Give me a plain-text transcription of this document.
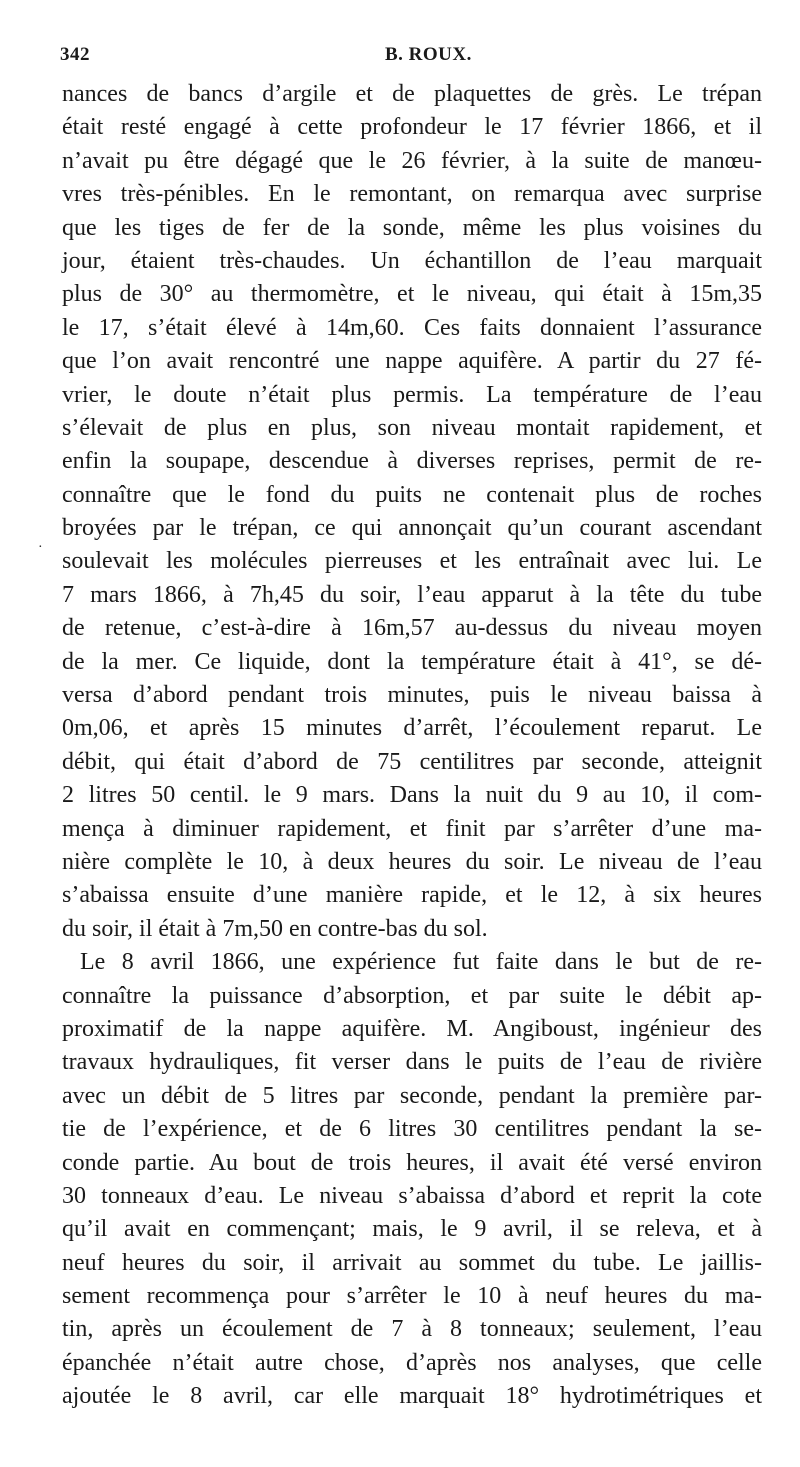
342	B. ROUX.
·
nances de bancs d’argile et de plaquettes de grès. Le trépan
était resté engagé à cette profondeur le 17 février 1866, et il
n’avait pu être dégagé que le 26 février, à la suite de manœu-
vres très-pénibles. En le remontant, on remarqua avec surprise
que les tiges de fer de la sonde, même les plus voisines du
jour, étaient très-chaudes. Un échantillon de l’eau marquait
plus de 30° au thermomètre, et le niveau, qui était à 15m,35
le 17, s’était élevé à 14m,60. Ces faits donnaient l’assurance
que l’on avait rencontré une nappe aquifère. A partir du 27 fé-
vrier, le doute n’était plus permis. La température de l’eau
s’élevait de plus en plus, son niveau montait rapidement, et
enfin la soupape, descendue à diverses reprises, permit de re-
connaître que le fond du puits ne contenait plus de roches
broyées par le trépan, ce qui annonçait qu’un courant ascendant
soulevait les molécules pierreuses et les entraînait avec lui. Le
7 mars 1866, à 7h,45 du soir, l’eau apparut à la tête du tube
de retenue, c’est-à-dire à 16m,57 au-dessus du niveau moyen
de la mer. Ce liquide, dont la température était à 41°, se dé-
versa d’abord pendant trois minutes, puis le niveau baissa à
0m,06, et après 15 minutes d’arrêt, l’écoulement reparut. Le
débit, qui était d’abord de 75 centilitres par seconde, atteignit
2 litres 50 centil. le 9 mars. Dans la nuit du 9 au 10, il com-
mença à diminuer rapidement, et finit par s’arrêter d’une ma-
nière complète le 10, à deux heures du soir. Le niveau de l’eau
s’abaissa ensuite d’une manière rapide, et le 12, à six heures
du soir, il était à 7m,50 en contre-bas du sol.
Le 8 avril 1866, une expérience fut faite dans le but de re-
connaître la puissance d’absorption, et par suite le débit ap-
proximatif de la nappe aquifère. M. Angiboust, ingénieur des
travaux hydrauliques, fit verser dans le puits de l’eau de rivière
avec un débit de 5 litres par seconde, pendant la première par-
tie de l’expérience, et de 6 litres 30 centilitres pendant la se-
conde partie. Au bout de trois heures, il avait été versé environ
30 tonneaux d’eau. Le niveau s’abaissa d’abord et reprit la cote
qu’il avait en commençant; mais, le 9 avril, il se releva, et à
neuf heures du soir, il arrivait au sommet du tube. Le jaillis-
sement recommença pour s’arrêter le 10 à neuf heures du ma-
tin, après un écoulement de 7 à 8 tonneaux; seulement, l’eau
épanchée n’était autre chose, d’après nos analyses, que celle
ajoutée le 8 avril, car elle marquait 18° hydrotimétriques et
